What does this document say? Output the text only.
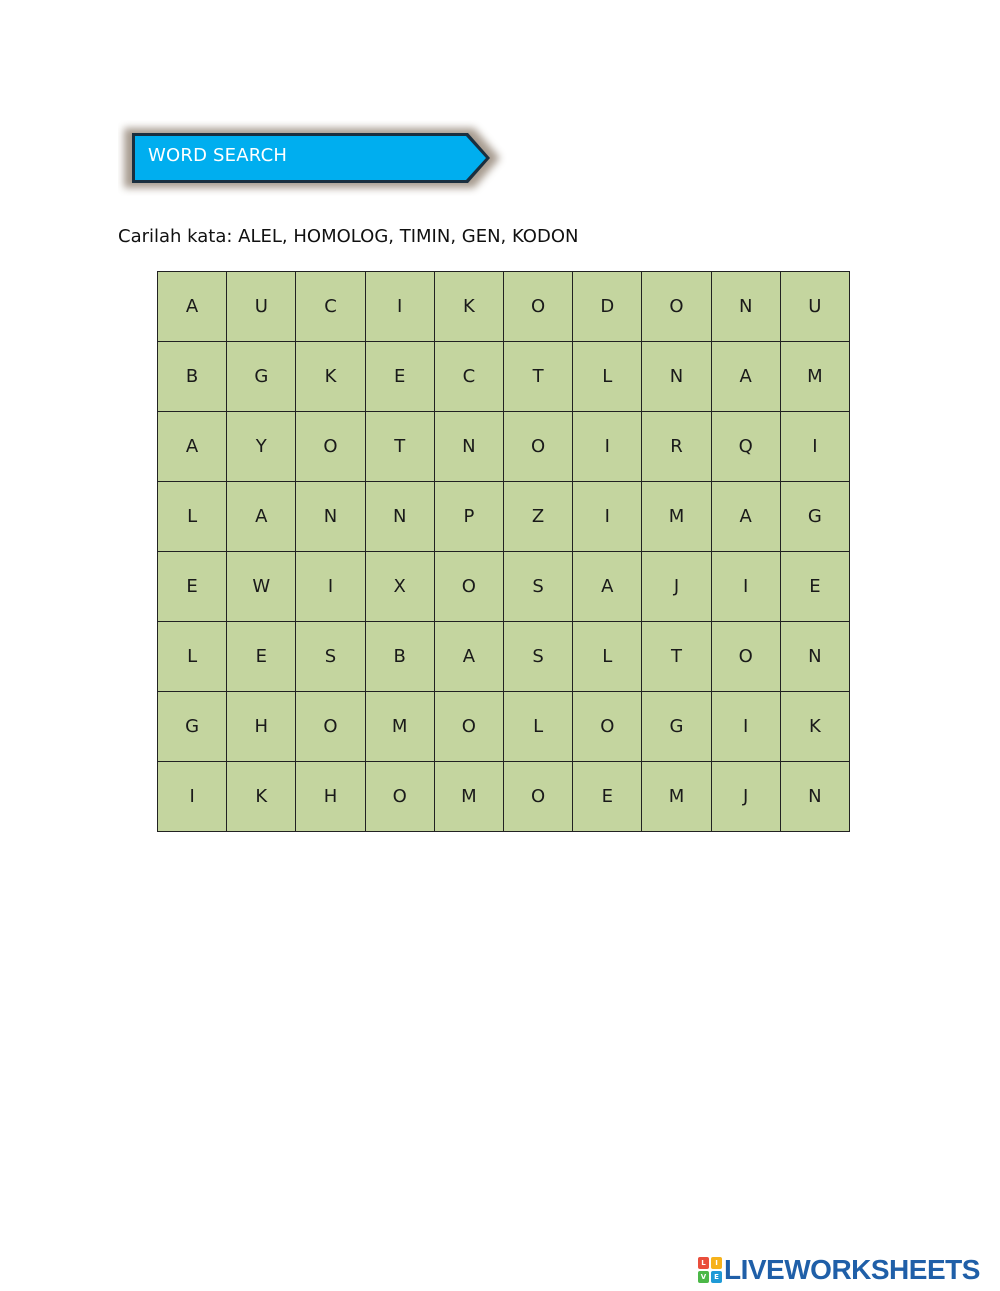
WORD SEARCH
Carilah kata: ALEL, HOMOLOG, TIMIN, GEN, KODON
A	U	C	I	K	O	D	O	N	U
B	G	K	E	C	T	L	N	A	M
A	Y	O	T	N	O	I	R	Q	I
L	A	N	N	P	Z	I	M	A	G
E	W	I	X	O	S	A	J	I	E
L	E	S	B	A	S	L	T	O	N
G	H	O	M	O	L	O	G	I	K
I	K	H	O	M	O	E	M	J	N
L	I
V	E LIVEWORKSHEETS
